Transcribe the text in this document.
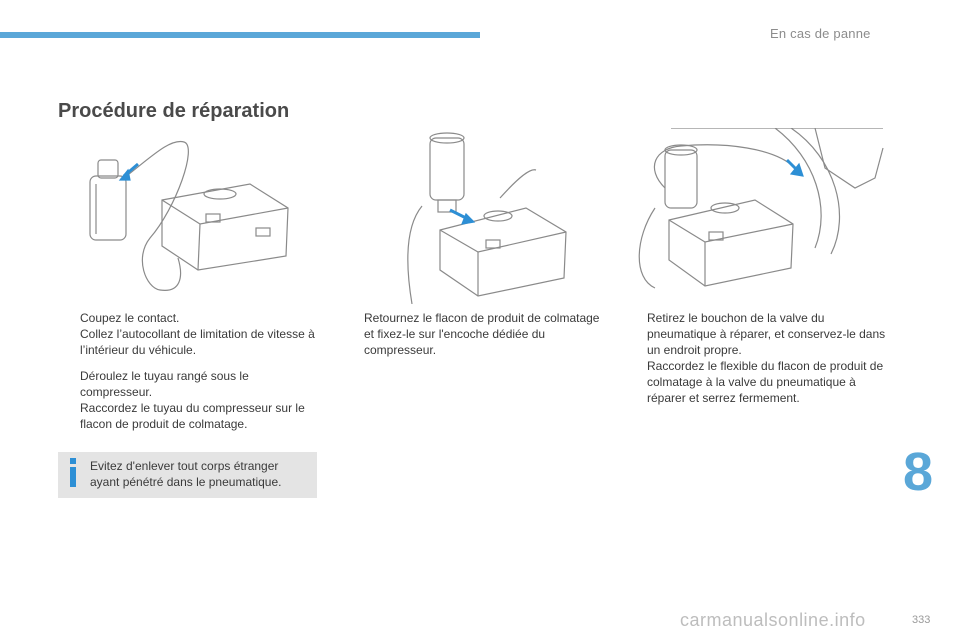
En cas de panne
Procédure de réparation

Coupez le contact.

Collez l’autocollant de limitation de vitesse à l’intérieur du véhicule.

Déroulez le tuyau rangé sous le compresseur.

Raccordez le tuyau du compresseur sur le flacon de produit de colmatage.

Retournez le flacon de produit de colmatage et fixez-le sur l'encoche dédiée du compresseur.

Retirez le bouchon de la valve du pneumatique à réparer, et conservez-le dans un endroit propre.

Raccordez le flexible du flacon de produit de colmatage à la valve du pneumatique à réparer et serrez fermement.

Evitez d'enlever tout corps étranger ayant pénétré dans le pneumatique.	8
carmanualsonline.info	333
